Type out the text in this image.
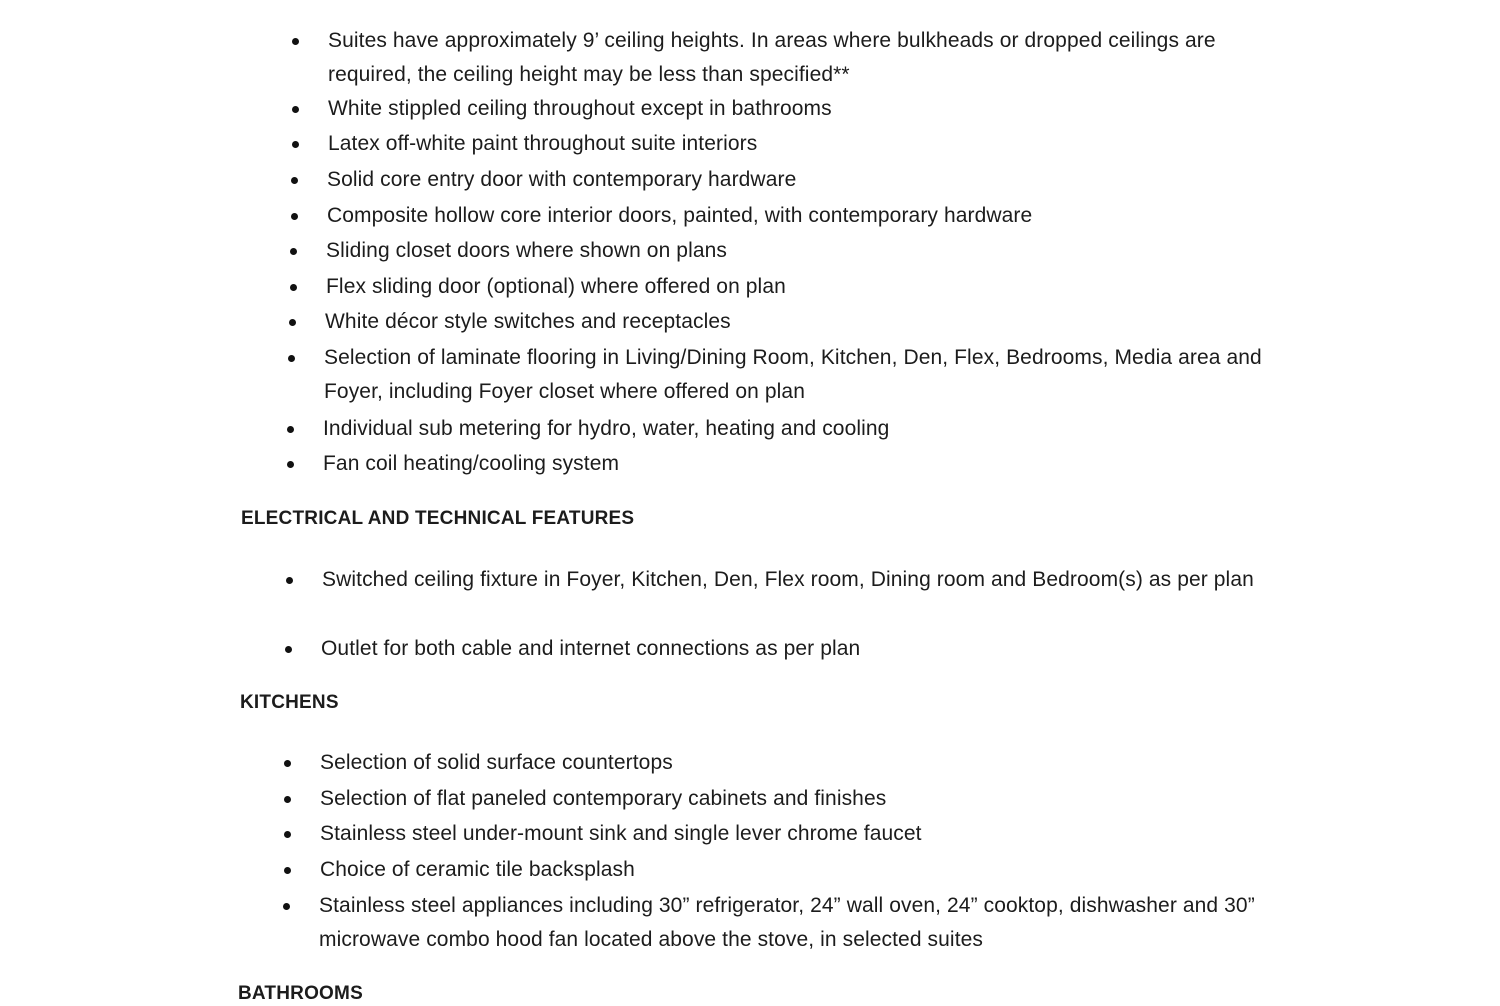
Suites have approximately 9’ ceiling heights. In areas where bulkheads or dropped ceilings are required, the ceiling height may be less than specified**
White stippled ceiling throughout except in bathrooms
Latex off-white paint throughout suite interiors
Solid core entry door with contemporary hardware
Composite hollow core interior doors, painted, with contemporary hardware
Sliding closet doors where shown on plans
Flex sliding door (optional) where offered on plan
White décor style switches and receptacles
Selection of laminate flooring in Living/Dining Room, Kitchen, Den, Flex, Bedrooms, Media area and Foyer, including Foyer closet where offered on plan
Individual sub metering for hydro, water, heating and cooling
Fan coil heating/cooling system
ELECTRICAL AND TECHNICAL FEATURES
Switched ceiling fixture in Foyer, Kitchen, Den, Flex room, Dining room and Bedroom(s) as per plan
Outlet for both cable and internet connections as per plan
KITCHENS
Selection of solid surface countertops
Selection of flat paneled contemporary cabinets and finishes
Stainless steel under-mount sink and single lever chrome faucet
Choice of ceramic tile backsplash
Stainless steel appliances including 30” refrigerator, 24” wall oven, 24” cooktop, dishwasher and 30” microwave combo hood fan located above the stove, in selected suites
BATHROOMS
